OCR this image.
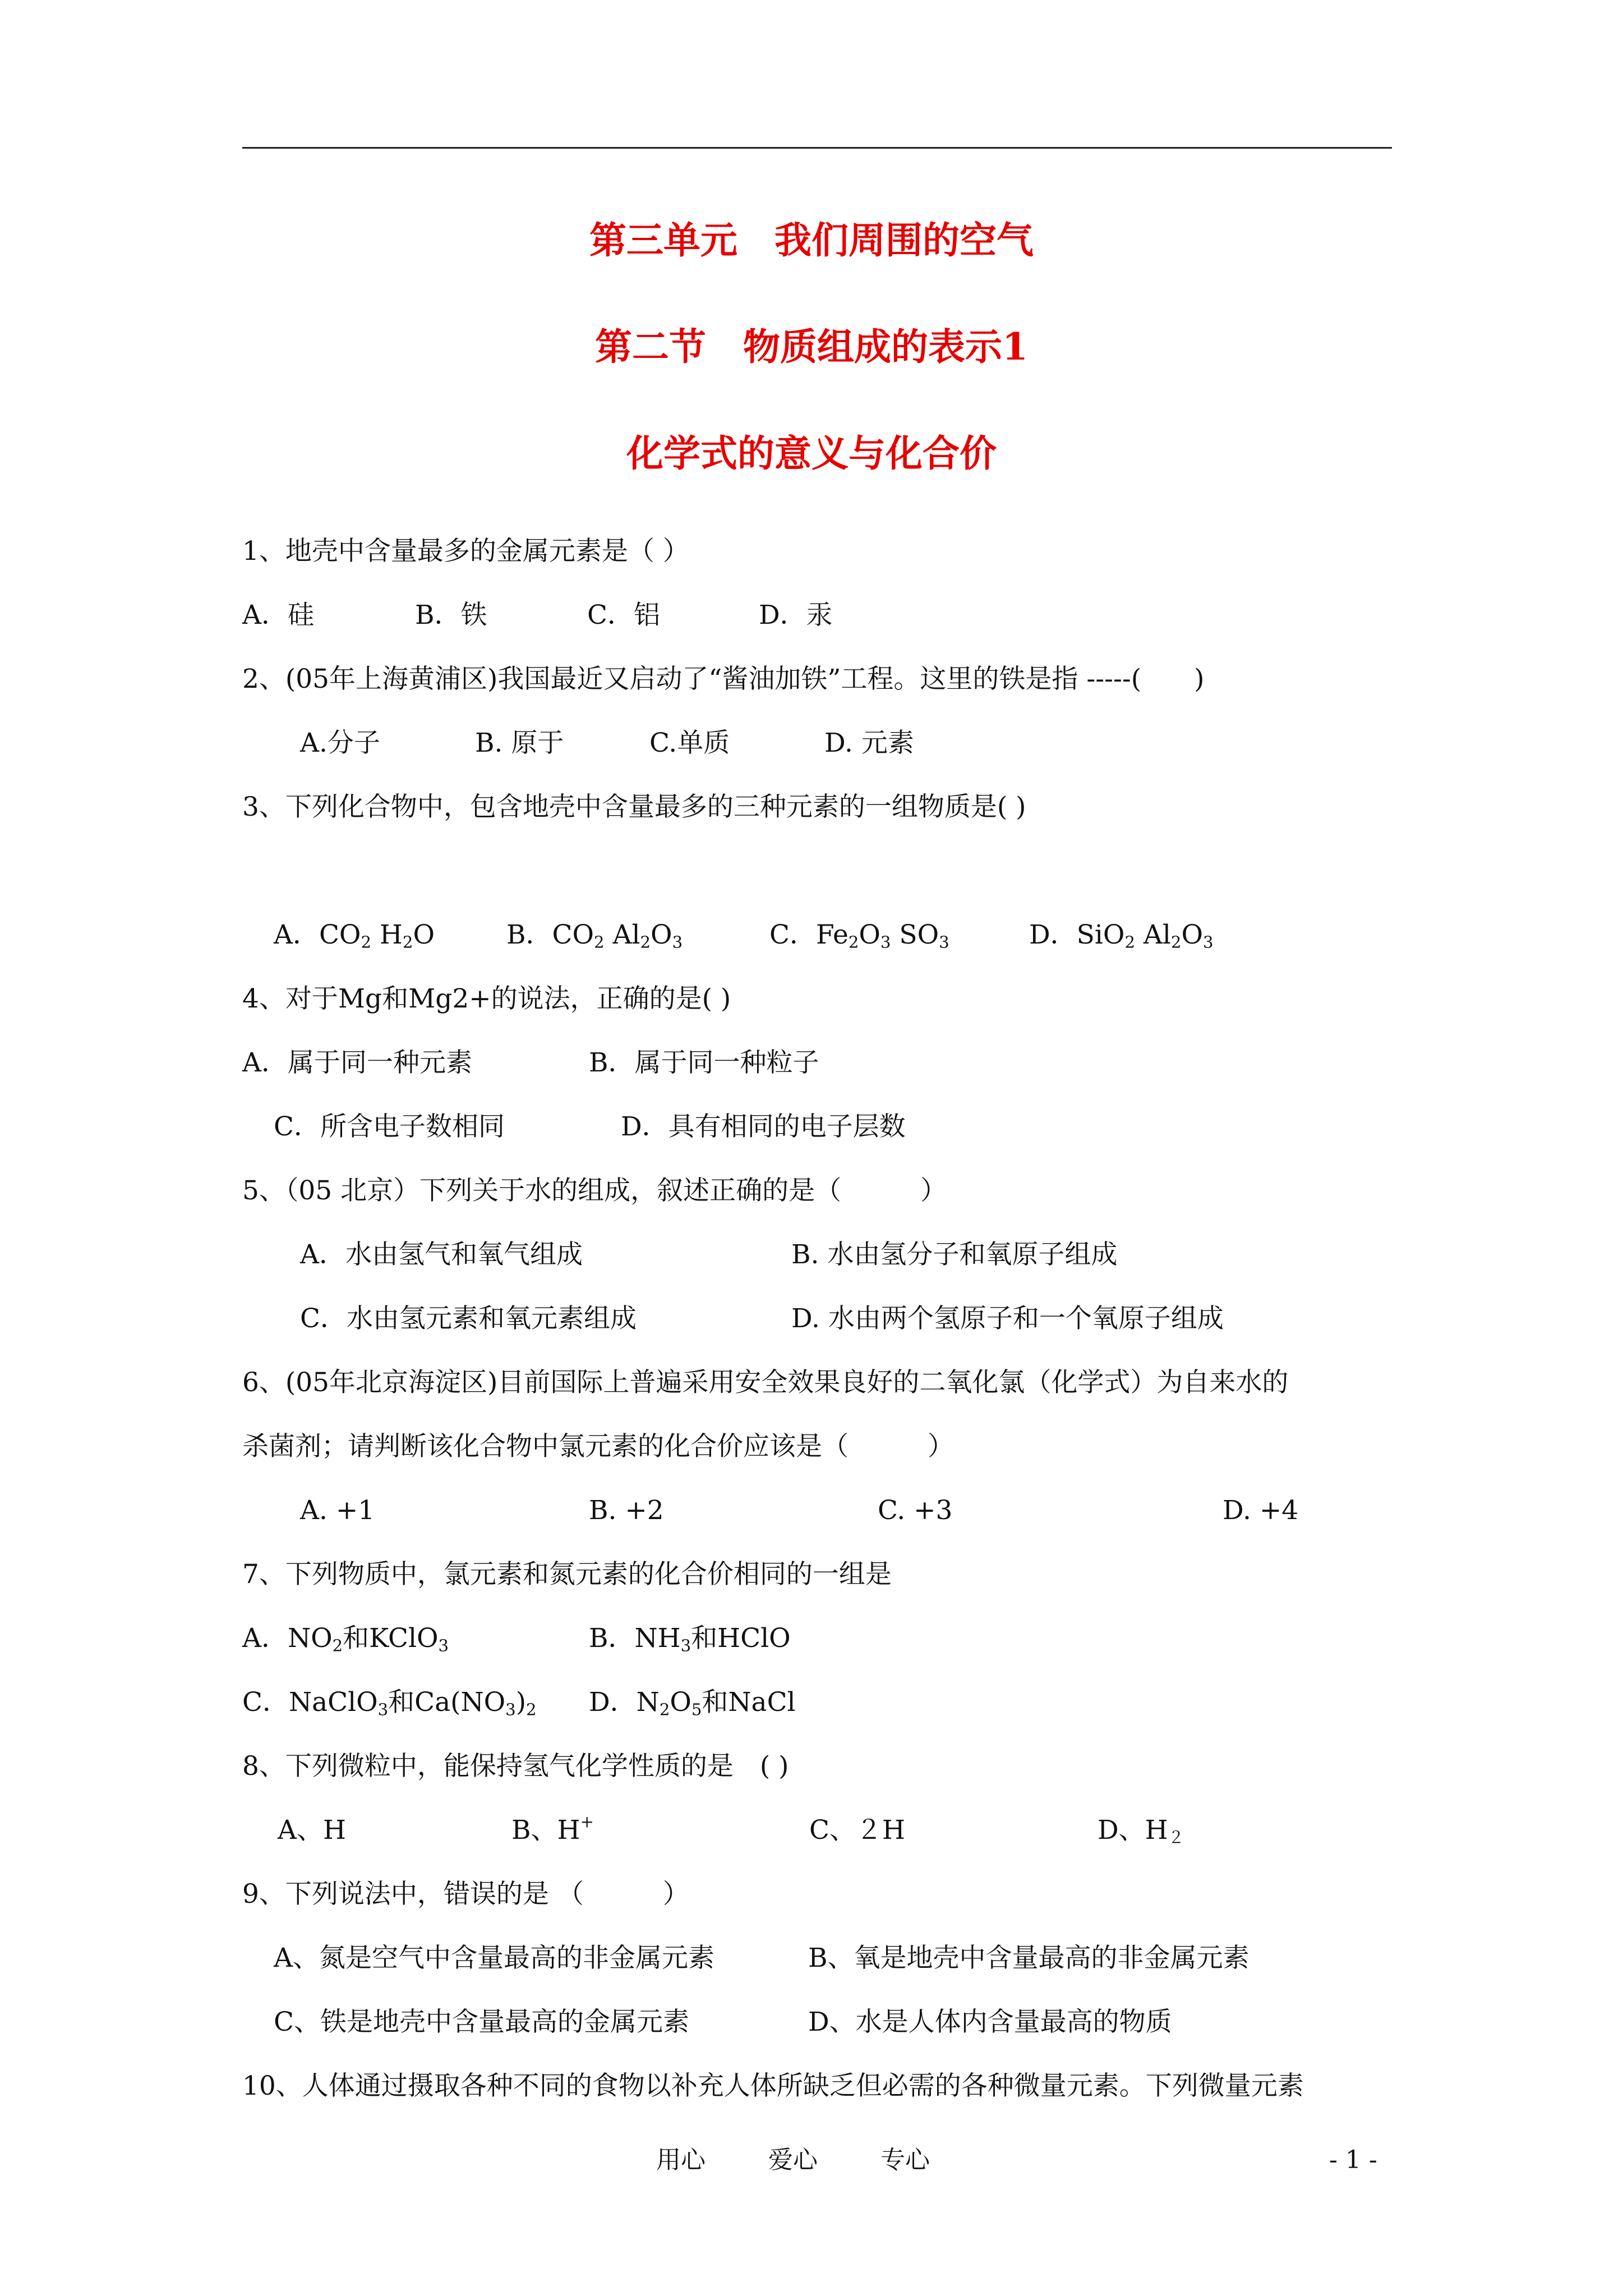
第三单元　我们周围的空气
第二节　物质组成的表示1
化学式的意义与化合价
1、地壳中含量最多的金属元素是（ ）
A．硅	B．铁	C．铝	D．汞
2、(05年上海黄浦区)我国最近又启动了“酱油加铁”工程。这里的铁是指 -----(　　)
A.分子	B. 原于	C.单质	D. 元素
3、下列化合物中，包含地壳中含量最多的三种元素的一组物质是( )
A．$CO_2$ $H_2O$	B．$CO_2$ $Al_2O_3$	C．$Fe_2O_3$ $SO_3$	D．SiO$_2$ $Al_2O_3$
4、对于Mg和Mg2+的说法，正确的是( )
A．属于同一种元素	B．属于同一种粒子
C．所含电子数相同	D．具有相同的电子层数
5、（05 北京）下列关于水的组成，叙述正确的是（　　　）
A．水由氢气和氧气组成	B. 水由氢分子和氧原子组成
C．水由氢元素和氧元素组成	D. 水由两个氢原子和一个氧原子组成
6、(05年北京海淀区)目前国际上普遍采用安全效果良好的二氧化氯（化学式）为自来水的
杀菌剂；请判断该化合物中氯元素的化合价应该是（　　　）
A. +1	B. +2	C. +3	D. +4
7、下列物质中，氯元素和氮元素的化合价相同的一组是
A．$NO_2$和KClO$_3$	B．$NH_3$和HClO
C．NaClO$_3$和$Ca(NO_3)_2$ D．$N_2O_5$和NaCl
8、下列微粒中，能保持氢气化学性质的是　( )
A、H	B、H+	C、２H	D、$H_2$
9、下列说法中，错误的是 （　　　）
A、氮是空气中含量最高的非金属元素	B、氧是地壳中含量最高的非金属元素
C、铁是地壳中含量最高的金属元素	D、水是人体内含量最高的物质
10、人体通过摄取各种不同的食物以补充人体所缺乏但必需的各种微量元素。下列微量元素
用心	爱心	专心	- 1 -
